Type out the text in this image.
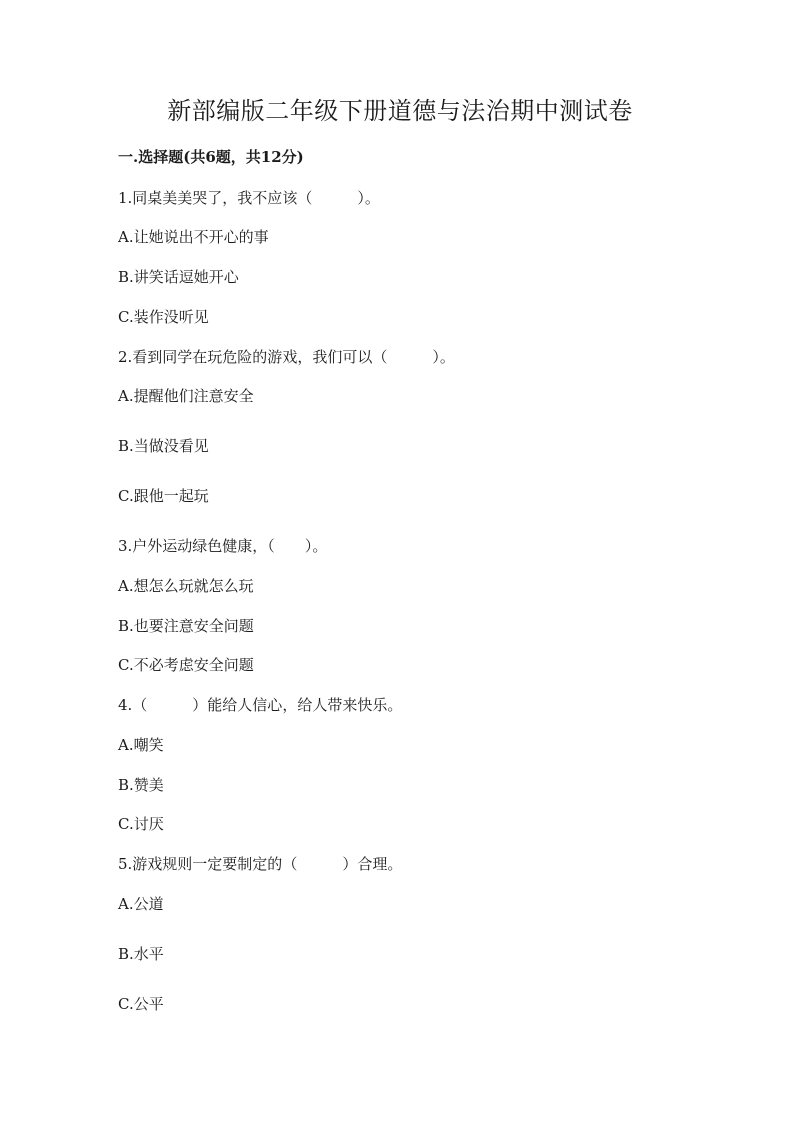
新部编版二年级下册道德与法治期中测试卷
一.选择题(共6题，共12分)
1.同桌美美哭了，我不应该（　　　）。
A.让她说出不开心的事
B.讲笑话逗她开心
C.装作没听见
2.看到同学在玩危险的游戏，我们可以（　　　）。
A.提醒他们注意安全
B.当做没看见
C.跟他一起玩
3.户外运动绿色健康，（　　）。
A.想怎么玩就怎么玩
B.也要注意安全问题
C.不必考虑安全问题
4.（　　　）能给人信心，给人带来快乐。
A.嘲笑
B.赞美
C.讨厌
5.游戏规则一定要制定的（　　　）合理。
A.公道
B.水平
C.公平
